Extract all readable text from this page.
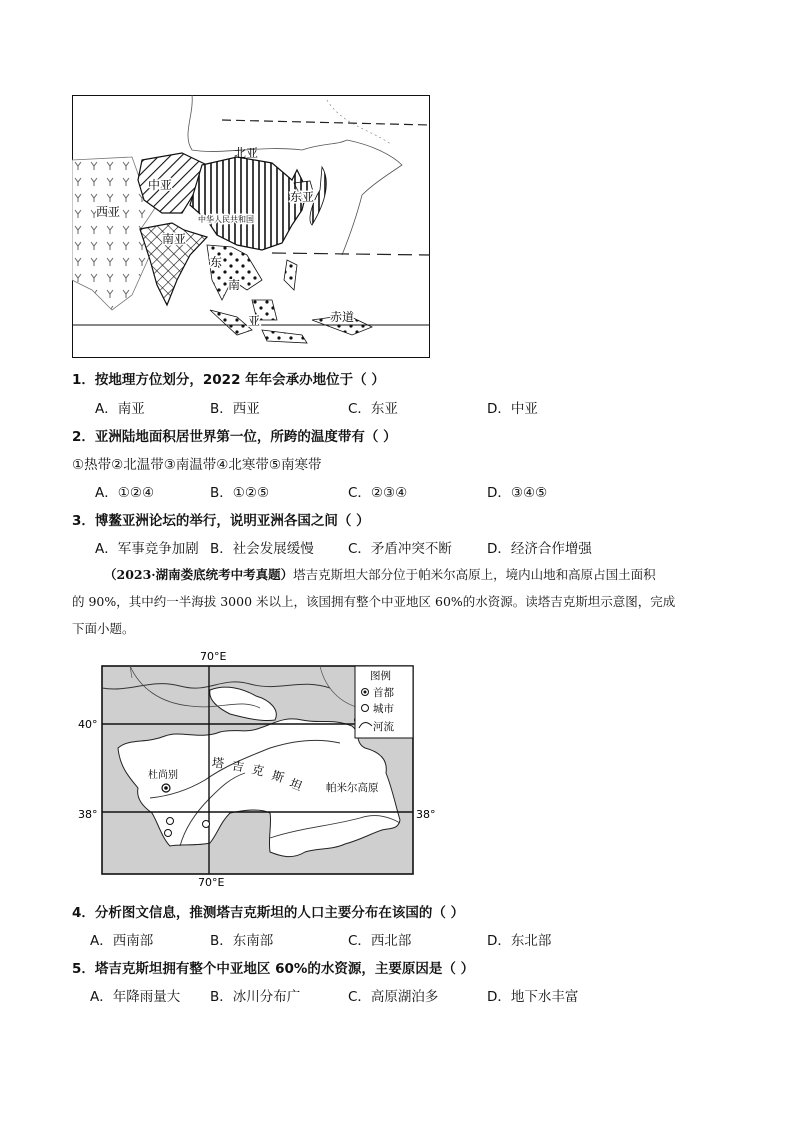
北亚
中亚
西亚
南亚
东亚
中华人民共和国
东
南
亚	赤道
1．按地理方位划分，2022 年年会承办地位于（ ）
A．南亚	B．西亚	C．东亚	D．中亚
2．亚洲陆地面积居世界第一位，所跨的温度带有（ ）
①热带②北温带③南温带④北寒带⑤南寒带
A．①②④	B．①②⑤	C．②③④	D．③④⑤
3．博鳌亚洲论坛的举行，说明亚洲各国之间（ ）
A．军事竞争加剧 B．社会发展缓慢	C．矛盾冲突不断	D．经济合作增强
（2023·湖南娄底统考中考真题）塔吉克斯坦大部分位于帕米尔高原上，境内山地和高原占国土面积
的 90%，其中约一半海拔 3000 米以上，该国拥有整个中亚地区 60%的水资源。读塔吉克斯坦示意图，完成
下面小题。
70°E
70°E
40°
38°	38°
杜尚别
塔 吉 克 斯 坦 帕米尔高原
图例
首都
城市
河流
4．分析图文信息，推测塔吉克斯坦的人口主要分布在该国的（ ）
A．西南部	B．东南部	C．西北部	D．东北部
5．塔吉克斯坦拥有整个中亚地区 60%的水资源，主要原因是（ ）
A．年降雨量大 B．冰川分布广	C．高原湖泊多	D．地下水丰富
